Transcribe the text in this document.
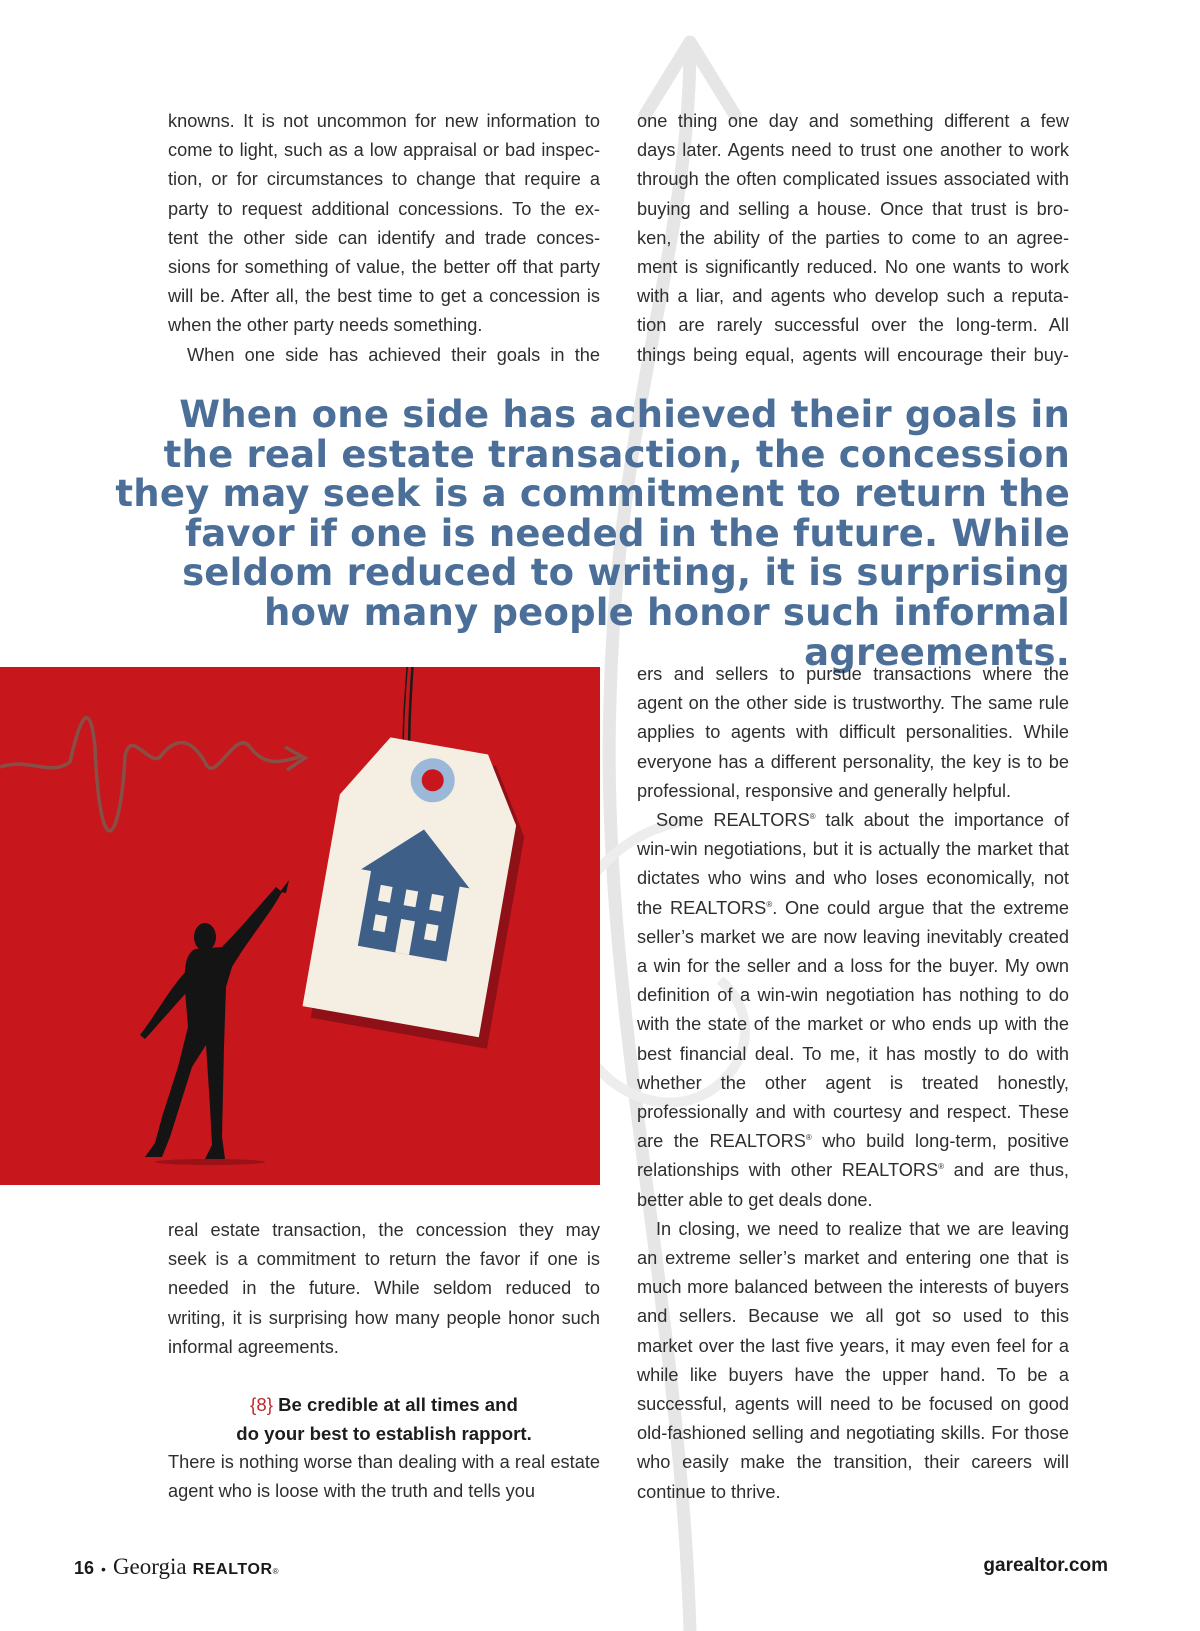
knowns. It is not uncommon for new information to
come to light, such as a low appraisal or bad inspec-
tion, or for circumstances to change that require a
party to request additional concessions. To the ex-
tent the other side can identify and trade conces-
sions for something of value, the better off that party
will be. After all, the best time to get a concession is
when the other party needs something.
When one side has achieved their goals in the
one thing one day and something different a few
days later. Agents need to trust one another to work
through the often complicated issues associated with
buying and selling a house. Once that trust is bro-
ken, the ability of the parties to come to an agree-
ment is significantly reduced. No one wants to work
with a liar, and agents who develop such a reputa-
tion are rarely successful over the long-term. All
things being equal, agents will encourage their buy-
When one side has achieved their goals in the real estate transaction, the concession they may seek is a commitment to return the favor if one is needed in the future. While seldom reduced to writing, it is surprising how many people honor such informal agreements.

ers and sellers to pursue transactions where the agent on the other side is trustworthy. The same rule applies to agents with difficult personalities. While everyone has a different personality, the key is to be professional, responsive and generally helpful.

Some REALTORS® talk about the importance of win-win negotiations, but it is actually the market that dictates who wins and who loses economically, not the REALTORS®. One could argue that the extreme seller’s market we are now leaving inevitably created a win for the seller and a loss for the buyer. My own definition of a win-win negotiation has nothing to do with the state of the market or who ends up with the best financial deal. To me, it has mostly to do with whether the other agent is treated honestly, professionally and with courtesy and respect. These are the REALTORS® who build long-term, positive relationships with other REALTORS® and are thus, better able to get deals done.

In closing, we need to realize that we are leaving an extreme seller’s market and entering one that is much more balanced between the interests of buyers and sellers. Because we all got so used to this market over the last five years, it may even feel for a while like buyers have the upper hand. To be a successful, agents will need to be focused on good old-fashioned selling and negotiating skills. For those who easily make the transition, their careers will continue to thrive.

real estate transaction, the concession they may seek is a commitment to return the favor if one is needed in the future. While seldom reduced to writing, it is surprising how many people honor such informal agreements.

{8} Be credible at all times and
do your best to establish rapport.

There is nothing worse than dealing with a real estate agent who is loose with the truth and tells you

16 • Georgia REALTOR ®	garealtor.com
